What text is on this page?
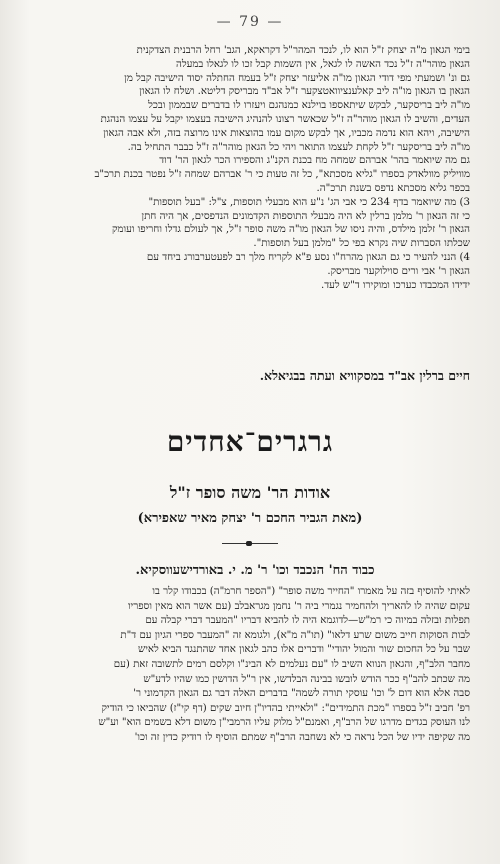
— 79 —
בימי הגאון מ"ה יצחק ז"ל הוא לו, לנכד המהר"ל דקראקא, הגב' רחל הרבנית הצדקנית
הגאון מוהר"ה ז"ל נכד האשה לו לגאל, אין השמות קבל זכו לו לגאלו במעלה
גם ונ' ושמעתי מפי דודי הגאון מו"ה אליעזר יצחק ז"ל בעמח החתלה יסוד הישיבה קבל מן
הגאון בו הגאון מו"ה ליב קאלענציוואטצקער ז"ל אב"ד מבריסק דליטא. ושלח לו הגאון
מו"ה ליב בריסקער, לבקש שיתאספו בוילנא כמנהגם ויעזרו לו בדברים שבממון ובכל
העדים, והשיב לו הגאון מוהר"ה ז"ל שכאשר רצונו להנהיג הישיבה בעצמו יקבל על עצמו הנהגת
הישיבה, ויהא הוא נדמה מכביו, אך לבקש מקום עמו בהוצאות אינו מרוצה בזה, ולא אבה הגאון
מו"ה ליב בריסקער ז"ל לקחת לעצמו התואר ויהי כל הגאון מוהר"ה ז"ל כבבר התחיל בה.
גם מה שיואמר בהר' אברהם שמחה מח בכנת הקנ"ג והספירו הכר לגאון הר' דוד
מוויליק מוולאדק בספרו "גליא מסכתא", כל זה טעות כי ר' אברהם שמחה ז"ל נפטר בכנת תרכ"ב
בכפר גליא מסכתא נדפס בשנת תרכ"ה.
3) מה שיואמר בדף 234 כי אבי הג' נ"ע הוא מבעלי תוספות, צ"ל: "בעל תוספות"
כי זה הגאון ר' מלמן ברלין לא היה מבעלי התוספות הקדמונים הנדפסים, אך היה חתן
הגאון ר' זלמן מילדס, והיה ניסו של הגאון מו"ה משה סופר ז"ל, אך לעולם גדלו וחריפו ועומק
שכלתו הסברות שיה נקרא בפי כל "מלמן בעל תוספות".
4) הנני להעיר כי גם הגאון מהרח"ו נסע פ"א לקריח מלך רב לפעטערבורג ביחד עם
הגאון ר' אבי ורים סוילוקער מבריסק.
ידידו המכבדו כערכו ומוקירו ד"ש לעד.
חיים ברלין אב"ד במסקוויא ועתה בבגיאלא.
גרגרים־אחדים
אודות הר' משה סופר ז"ל
(מאת הגביר החכם ר' יצחק מאיר שאפירא)
כבוד הח' הנכבד וכו' ר' מ. י. באורדישעווסקיא.
לאיתי להוסיף בזה על מאמרו "החייר משה סופר" ("הספר חרמ"ה) בכבודו קלר בו
עקום שהיה לו להאריך ולהחמיר נגמרי ביה ר' נחמן מגראבלב (עם אשר הוא מאין וספריו
תפלות ובזלה במיוה כי רמ"ש—לדוגמא היה לו להביא דבריו "המעבר דברי קבלה עם
לבות הסוקות חייב משום שרע דלאו" (תו"ה מ"א), ולגומא זה "המעבר ספרי הגיון עם ד"ת
שבר על כל החכום שור והמול יהודי" ודברים אלו כהב לגאון אחד שהתנגד הביא לאיש
מחבר הלב"ף, והגאון הנווא השיב לו "עם נעלמים לא הבינ"ו וקלסם רמים לתשובה זאת (עם
מה שכתב להב"ף ככר הודש לובשו בבינה הבלדשו, אין ר"ל הדושין כמו שהיו לדע"ש
סבה אלא הוא דום ל' וכו' עוסקי תורה לשמה" בדברים האלה דבר גם הגאון הקדמוני ר'
רפ' חביב ז"ל בספרו "מכת התמידים": "ולאייתי בהדיו"ן חיוב שקים (דף קי"ז) שהביאו כי הודיק
לנו העוסק בגדים מדרגו של הרב"ף, ואמנם"ל מלוק עליו הרמבי"ן משום דלא בשמים הוא" וע"ש
מה שקיפה ידיו של הכל נראה כי לא נשחבה הרב"ף שמתם הוסיף לו רודיק כדין זה וכו'
